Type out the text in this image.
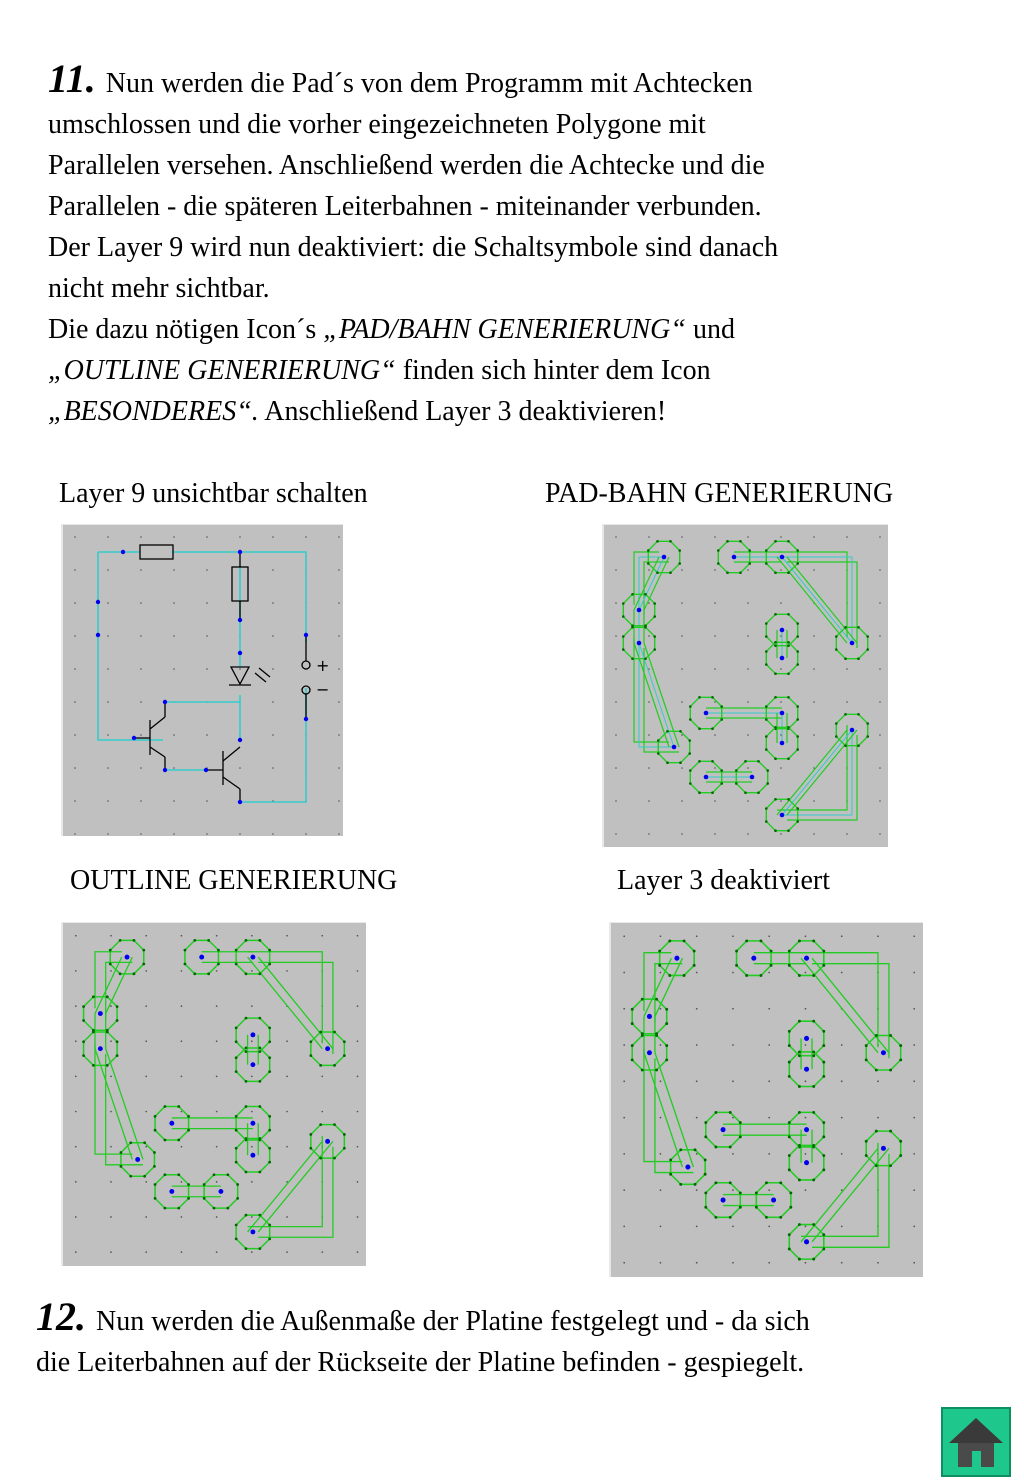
11. Nun werden die Pad´s von dem Programm mit Achtecken
umschlossen und die vorher eingezeichneten Polygone mit
Parallelen versehen. Anschließend werden die Achtecke und die
Parallelen - die späteren Leiterbahnen - miteinander verbunden.
Der Layer 9 wird nun deaktiviert: die Schaltsymbole sind danach
nicht mehr sichtbar.
Die dazu nötigen Icon´s „PAD/BAHN GENERIERUNG“ und
„OUTLINE GENERIERUNG“ finden sich hinter dem Icon
„BESONDERES“. Anschließend Layer 3 deaktivieren!
Layer 9 unsichtbar schalten	PAD-BAHN GENERIERUNG
OUTLINE GENERIERUNG	Layer 3 deaktiviert
+
−
12. Nun werden die Außenmaße der Platine festgelegt und - da sich
die Leiterbahnen auf der Rückseite der Platine befinden - gespiegelt.
